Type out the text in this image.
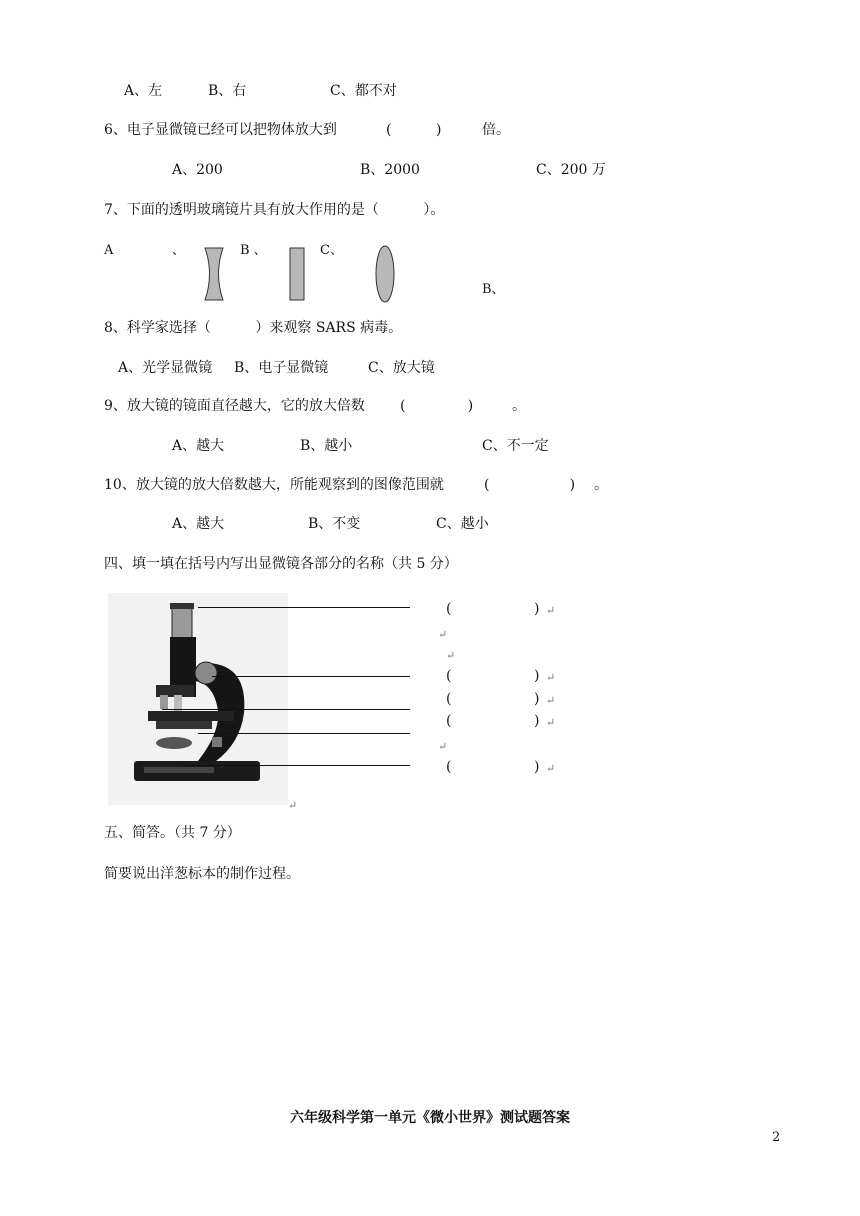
A、左	B、右	C、都不对
6、电子显微镜已经可以把物体放大到	(          )	倍。
A、200	B、2000	C、200 万
7、下面的透明玻璃镜片具有放大作用的是（          ）。
A	、	B 、	C、
B、
8、科学家选择（          ）来观察 SARS 病毒。
A、光学显微镜 B、电子显微镜	C、放大镜
9、放大镜的镜面直径越大，它的放大倍数	(              )	。
A、越大	B、越小	C、不一定
10、放大镜的放大倍数越大，所能观察到的图像范围就	(                  ) 。
A、越大	B、不变	C、越小
四、填一填在括号内写出显微镜各部分的名称（共 5 分）
(	) ↵
↵
↵
(	) ↵
(	) ↵
(	) ↵
↵
(	) ↵
↵
五、简答。（共 7 分）
简要说出洋葱标本的制作过程。
六年级科学第一单元《微小世界》测试题答案
2
